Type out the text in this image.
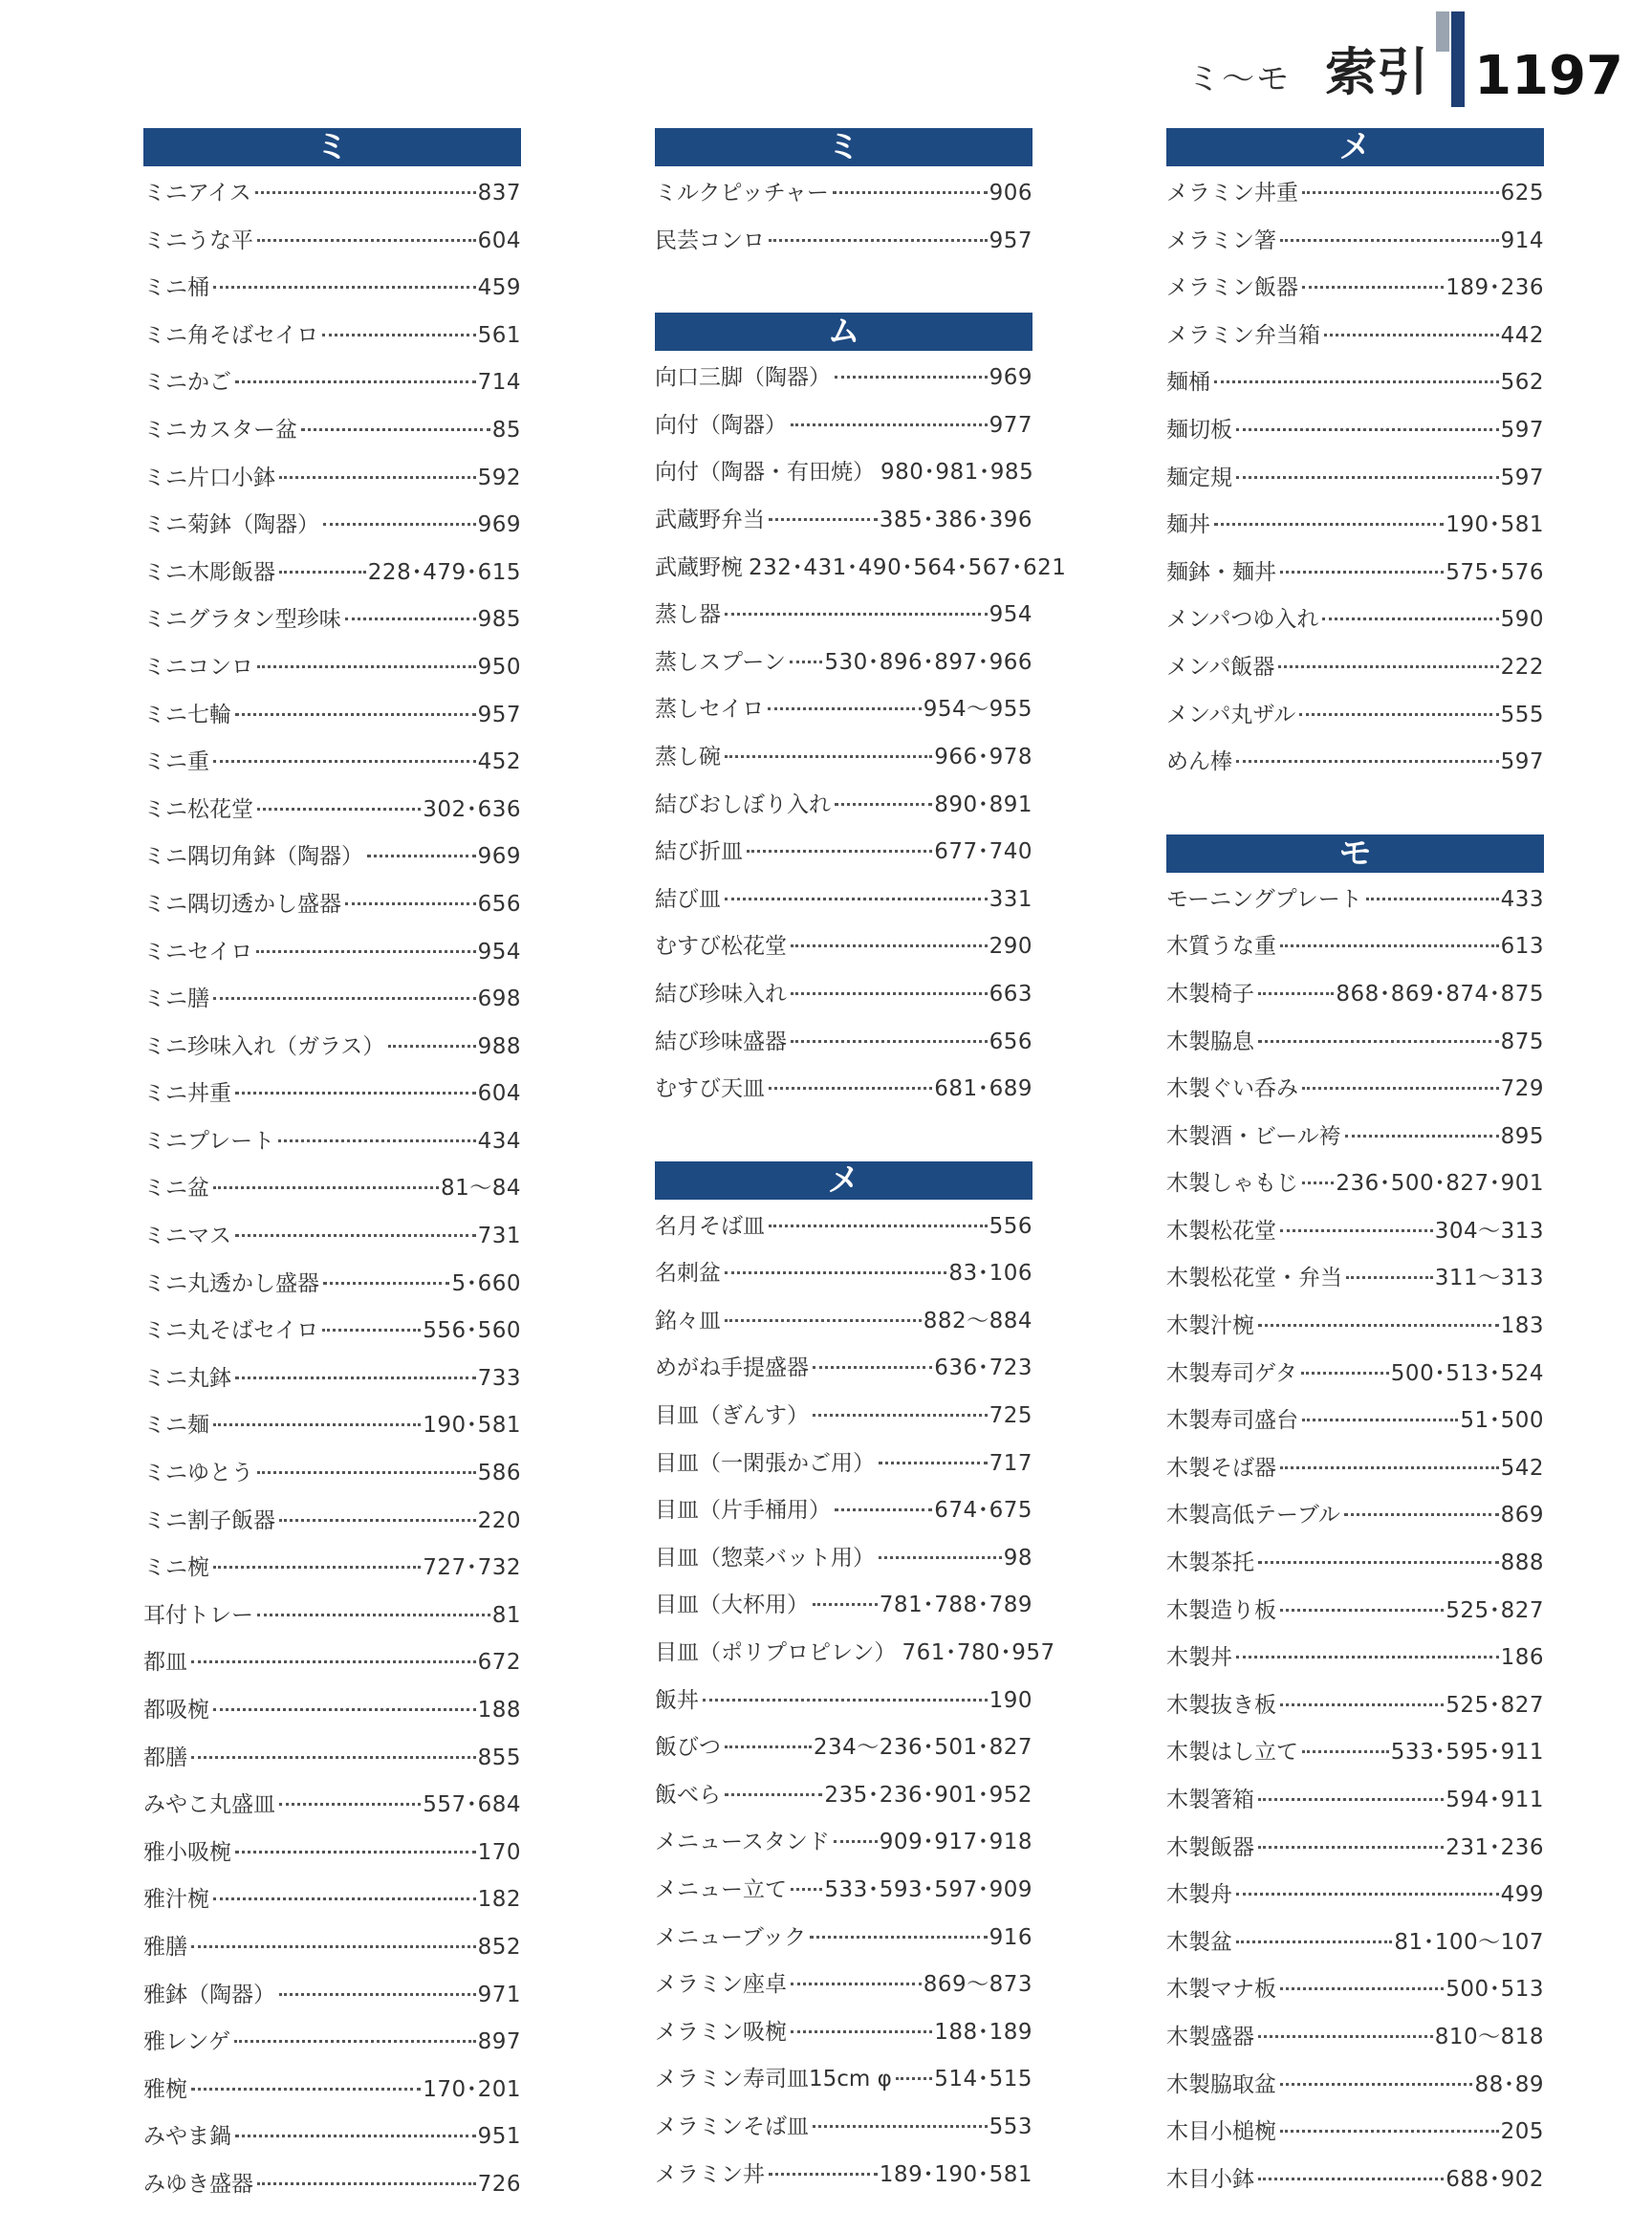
ミ～モ 索引 1197
ミ
ミニアイス	837
ミニうな平	604
ミニ桶	459
ミニ角そばセイロ	561
ミニかご	714
ミニカスター盆	85
ミニ片口小鉢	592
ミニ菊鉢（陶器）	969
ミニ木彫飯器	228･479･615
ミニグラタン型珍味	985
ミニコンロ	950
ミニ七輪	957
ミニ重	452
ミニ松花堂	302･636
ミニ隅切角鉢（陶器）	969
ミニ隅切透かし盛器	656
ミニセイロ	954
ミニ膳	698
ミニ珍味入れ（ガラス）	988
ミニ丼重	604
ミニプレート	434
ミニ盆	81～84
ミニマス	731
ミニ丸透かし盛器	5･660
ミニ丸そばセイロ	556･560
ミニ丸鉢	733
ミニ麺	190･581
ミニゆとう	586
ミニ割子飯器	220
ミニ椀	727･732
耳付トレー	81
都皿	672
都吸椀	188
都膳	855
みやこ丸盛皿	557･684
雅小吸椀	170
雅汁椀	182
雅膳	852
雅鉢（陶器）	971
雅レンゲ	897
雅椀	170･201
みやま鍋	951
みゆき盛器	726
ミ
ミルクピッチャー	906
民芸コンロ	957
ム
向口三脚（陶器）	969
向付（陶器）	977
向付（陶器・有田焼） 980･981･985
武蔵野弁当	385･386･396
武蔵野椀 232･431･490･564･567･621
蒸し器	954
蒸しスプーン 530･896･897･966
蒸しセイロ	954～955
蒸し碗	966･978
結びおしぼり入れ	890･891
結び折皿	677･740
結び皿	331
むすび松花堂	290
結び珍味入れ	663
結び珍味盛器	656
むすび天皿	681･689
メ
名月そば皿	556
名刺盆	83･106
銘々皿	882～884
めがね手提盛器	636･723
目皿（ぎんす）	725
目皿（一閑張かご用）	717
目皿（片手桶用）	674･675
目皿（惣菜バット用）	98
目皿（大杯用）	781･788･789
目皿（ポリプロピレン） 761･780･957
飯丼	190
飯びつ	234～236･501･827
飯べら	235･236･901･952
メニュースタンド 909･917･918
メニュー立て 533･593･597･909
メニューブック	916
メラミン座卓	869～873
メラミン吸椀	188･189
メラミン寿司皿15cm φ 514･515
メラミンそば皿	553
メラミン丼	189･190･581
メ
メラミン丼重	625
メラミン箸	914
メラミン飯器	189･236
メラミン弁当箱	442
麺桶	562
麺切板	597
麺定規	597
麺丼	190･581
麺鉢・麺丼	575･576
メンパつゆ入れ	590
メンパ飯器	222
メンパ丸ザル	555
めん棒	597
モ
モーニングプレート	433
木質うな重	613
木製椅子	868･869･874･875
木製脇息	875
木製ぐい呑み	729
木製酒・ビール袴	895
木製しゃもじ 236･500･827･901
木製松花堂	304～313
木製松花堂・弁当	311～313
木製汁椀	183
木製寿司ゲタ	500･513･524
木製寿司盛台	51･500
木製そば器	542
木製高低テーブル	869
木製茶托	888
木製造り板	525･827
木製丼	186
木製抜き板	525･827
木製はし立て	533･595･911
木製箸箱	594･911
木製飯器	231･236
木製舟	499
木製盆	81･100～107
木製マナ板	500･513
木製盛器	810～818
木製脇取盆	88･89
木目小槌椀	205
木目小鉢	688･902
